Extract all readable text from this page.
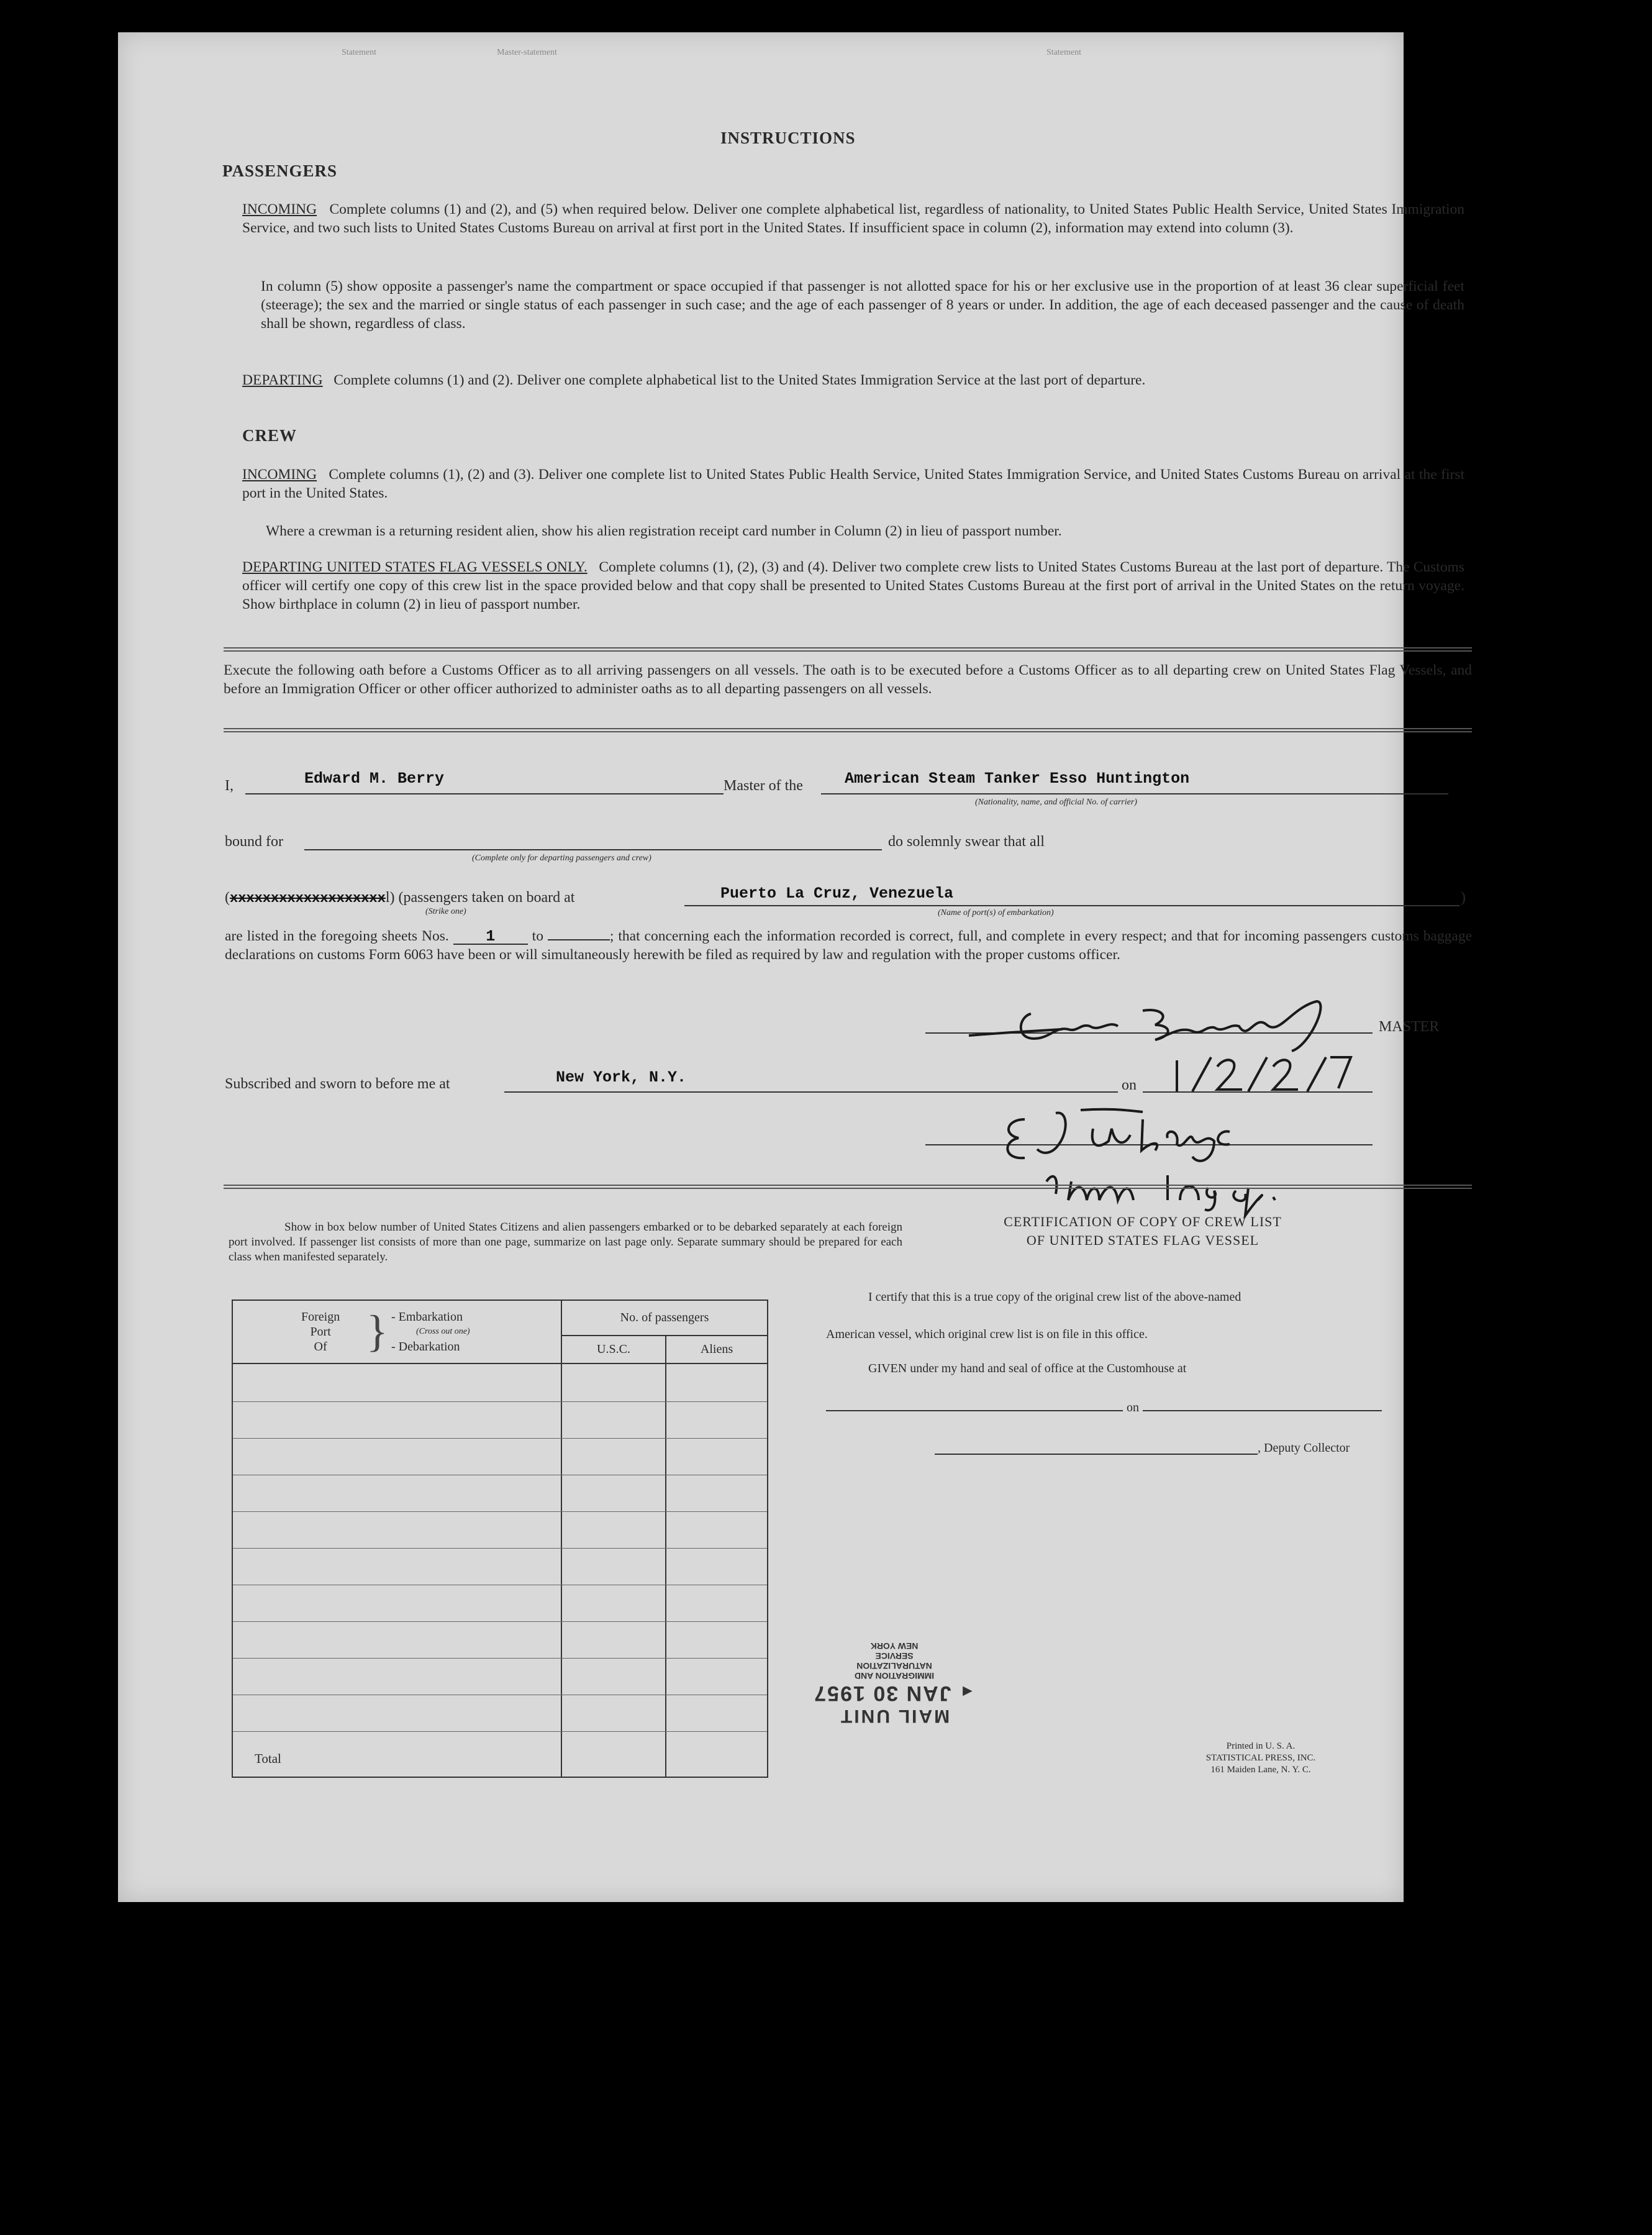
Statement	Master-statement	Statement
INSTRUCTIONS
PASSENGERS
INCOMING Complete columns (1) and (2), and (5) when required below. Deliver one complete alphabetical list, regardless of nationality, to United States Public Health Service, United States Immigration Service, and two such lists to United States Customs Bureau on arrival at first port in the United States. If insufficient space in column (2), information may extend into column (3).
In column (5) show opposite a passenger's name the compartment or space occupied if that passenger is not allotted space for his or her exclusive use in the proportion of at least 36 clear superficial feet (steerage); the sex and the married or single status of each passenger in such case; and the age of each passenger of 8 years or under. In addition, the age of each deceased passenger and the cause of death shall be shown, regardless of class.
DEPARTING Complete columns (1) and (2). Deliver one complete alphabetical list to the United States Immigration Service at the last port of departure.
CREW
INCOMING Complete columns (1), (2) and (3). Deliver one complete list to United States Public Health Service, United States Immigration Service, and United States Customs Bureau on arrival at the first port in the United States.
Where a crewman is a returning resident alien, show his alien registration receipt card number in Column (2) in lieu of passport number.
DEPARTING UNITED STATES FLAG VESSELS ONLY. Complete columns (1), (2), (3) and (4). Deliver two complete crew lists to United States Customs Bureau at the last port of departure. The Customs officer will certify one copy of this crew list in the space provided below and that copy shall be presented to United States Customs Bureau at the first port of arrival in the United States on the return voyage. Show birthplace in column (2) in lieu of passport number.
Execute the following oath before a Customs Officer as to all arriving passengers on all vessels. The oath is to be executed before a Customs Officer as to all departing crew on United States Flag Vessels, and before an Immigration Officer or other officer authorized to administer oaths as to all departing passengers on all vessels.
I,	Edward M. Berry	Master of the	American Steam Tanker Esso Huntington
(Nationality, name, and official No. of carrier)
bound for
(Complete only for departing passengers and crew)
do solemnly swear that all
(xxxxxxxxxxxxxxxxxxxl) (passengers taken on board at
(Strike one)
Puerto La Cruz, Venezuela
(Name of port(s) of embarkation)
)
are listed in the foregoing sheets Nos. 1	to	; that concerning each the information recorded is correct, full, and complete in every respect; and that for incoming passengers customs baggage declarations on customs Form 6063 have been or will simultaneously herewith be filed as required by law and regulation with the proper customs officer.
MASTER
Subscribed and sworn to before me at	New York, N.Y.	on
Show in box below number of United States Citizens and alien passengers embarked or to be debarked separately at each foreign port involved. If passenger list consists of more than one page, summarize on last page only. Separate summary should be prepared for each class when manifested separately.
Foreign
Port
Of } - Embarkation
(Cross out one)
- Debarkation
No. of passengers
U.S.C.	Aliens
Total
CERTIFICATION OF COPY OF CREW LIST
OF UNITED STATES FLAG VESSEL
I certify that this is a true copy of the original crew list of the above-named
American vessel, which original crew list is on file in this office.
GIVEN under my hand and seal of office at the Customhouse at
on
, Deputy Collector
MAIL UNIT
◄ JAN 30 1957
IMMIGRATION AND
NATURALIZATION
SERVICE
NEW YORK
Printed in U. S. A.
STATISTICAL PRESS, INC.
161 Maiden Lane, N. Y. C.
